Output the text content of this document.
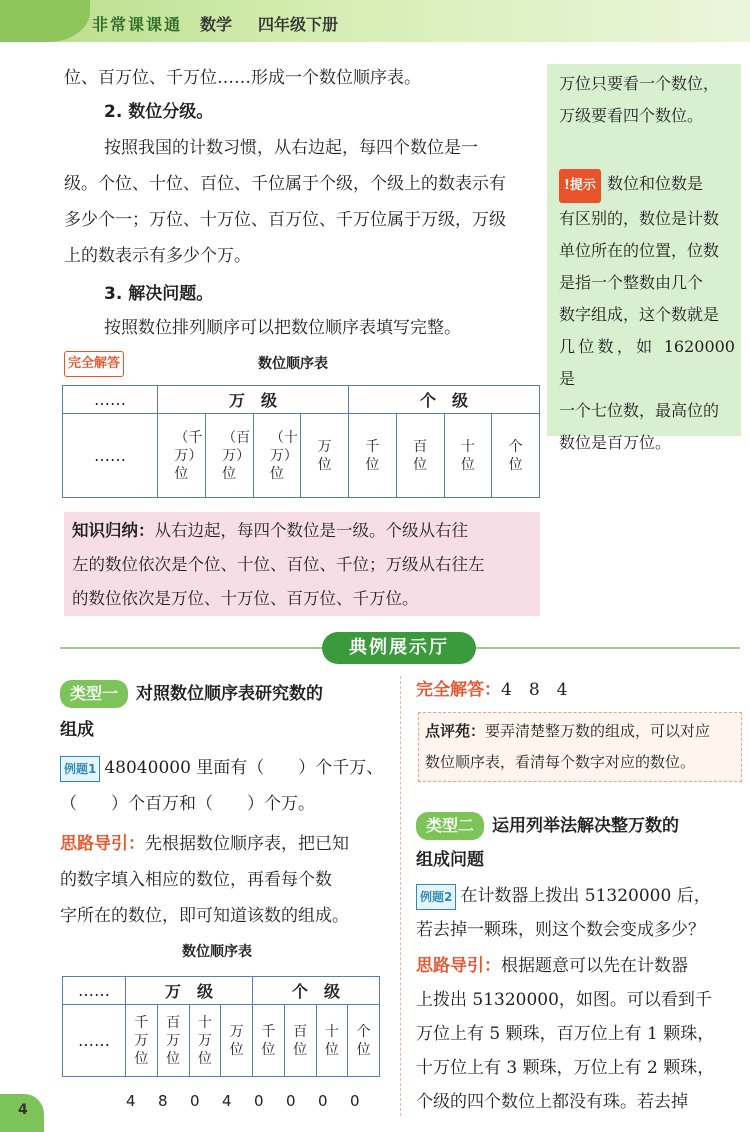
非常课课通 数学 四年级下册
万位只要看一个数位，
万级要看四个数位。
!提示 数位和位数是
有区别的，数位是计数
单位所在的位置，位数
是指一个整数由几个
数字组成，这个数就是
几位数，如 1620000 是
一个七位数，最高位的
数位是百万位。
位、百万位、千万位……形成一个数位顺序表。
2. 数位分级。
按照我国的计数习惯，从右边起，每四个数位是一
级。个位、十位、百位、千位属于个级，个级上的数表示有
多少个一；万位、十万位、百万位、千万位属于万级，万级
上的数表示有多少个万。
3. 解决问题。
按照数位排列顺序可以把数位顺序表填写完整。
完全解答	数位顺序表
……	万　级				个　级			
……	（千万）位	（百万）位	（十万）位	万位	千位	百位	十位	个位
知识归纳：从右边起，每四个数位是一级。个级从右往
左的数位依次是个位、十位、百位、千位；万级从右往左
的数位依次是万位、十万位、百万位、千万位。
典例展示厅
类型一 对照数位顺序表研究数的
组成
例题1 48040000 里面有（　　）个千万、
（　　）个百万和（　　）个万。
思路导引：先根据数位顺序表，把已知
的数字填入相应的数位，再看每个数
字所在的数位，即可知道该数的组成。
数位顺序表
……	万　级				个　级			
……	千万位	百万位	十万位	万位	千位	百位	十位	个位
4 8 0 4 0 0 0 0
完全解答：4　8　4
点评苑：要弄清楚整万数的组成，可以对应
数位顺序表，看清每个数字对应的数位。
类型二 运用列举法解决整万数的
组成问题
例题2 在计数器上拨出 51320000 后，
若去掉一颗珠，则这个数会变成多少？
思路导引：根据题意可以先在计数器
上拨出 51320000，如图。可以看到千
万位上有 5 颗珠，百万位上有 1 颗珠，
十万位上有 3 颗珠，万位上有 2 颗珠，
个级的四个数位上都没有珠。若去掉
4
